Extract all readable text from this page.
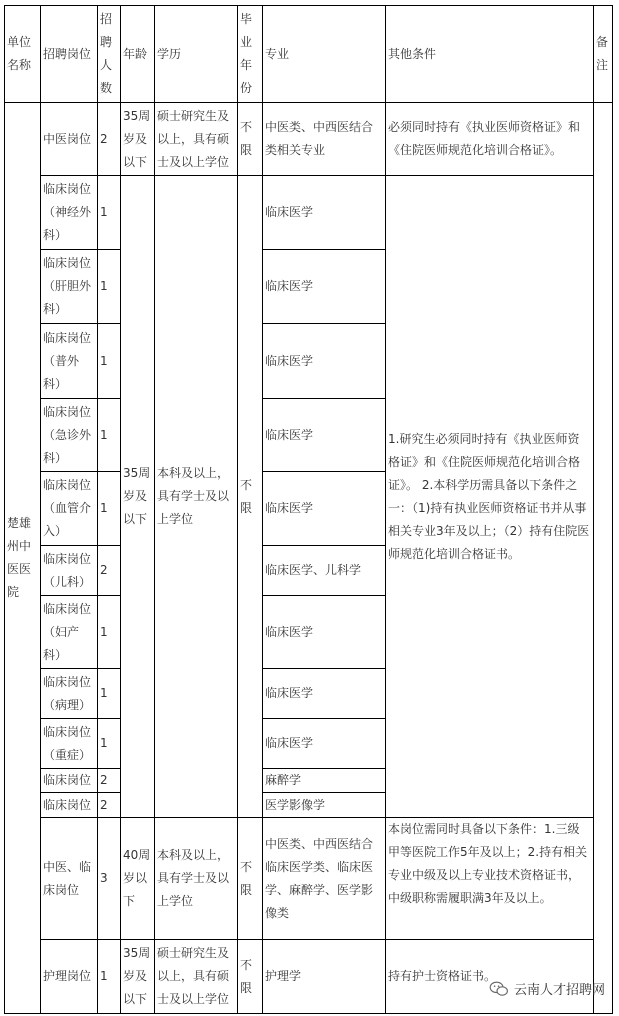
单位名称	招聘岗位	招聘人数	年龄	学历	毕业年份	专业	其他条件	备注
楚雄州中医医院	中医岗位	2	35周岁及以下	硕士研究生及以上，具有硕士及以上学位	不限	中医类、中西医结合类相关专业	必须同时持有《执业医师资格证》和《住院医师规范化培训合格证》。	
	临床岗位（神经外科）	1	35周岁及以下	本科及以上，具有学士及以上学位	不限	临床医学	1.研究生必须同时持有《执业医师资格证》和《住院医师规范化培训合格证》。 2.本科学历需具备以下条件之一：（1)持有执业医师资格证书并从事相关专业3年及以上；（2）持有住院医师规范化培训合格证书。	
	临床岗位（肝胆外科）	1				临床医学		
	临床岗位（普外科）	1				临床医学		
	临床岗位（急诊外科）	1				临床医学		
	临床岗位（血管介入）	1				临床医学		
	临床岗位（儿科）	2				临床医学、儿科学		
	临床岗位（妇产科）	1				临床医学		
	临床岗位（病理）	1				临床医学		
	临床岗位（重症）	1				临床医学		
	临床岗位	2				麻醉学		
	临床岗位	2				医学影像学		
	中医、临床岗位	3	40周岁以下	本科及以上，具有学士及以上学位	不限	中医类、中西医结合临床医学类、临床医学、麻醉学、医学影像类	本岗位需同时具备以下条件：1.三级甲等医院工作5年及以上；2.持有相关专业中级及以上专业技术资格证书，中级职称需履职满3年及以上。	
	护理岗位	1	35周岁及以下	硕士研究生及以上，具有硕士及以上学位	不限	护理学	持有护士资格证书。	
云南人才招聘网
